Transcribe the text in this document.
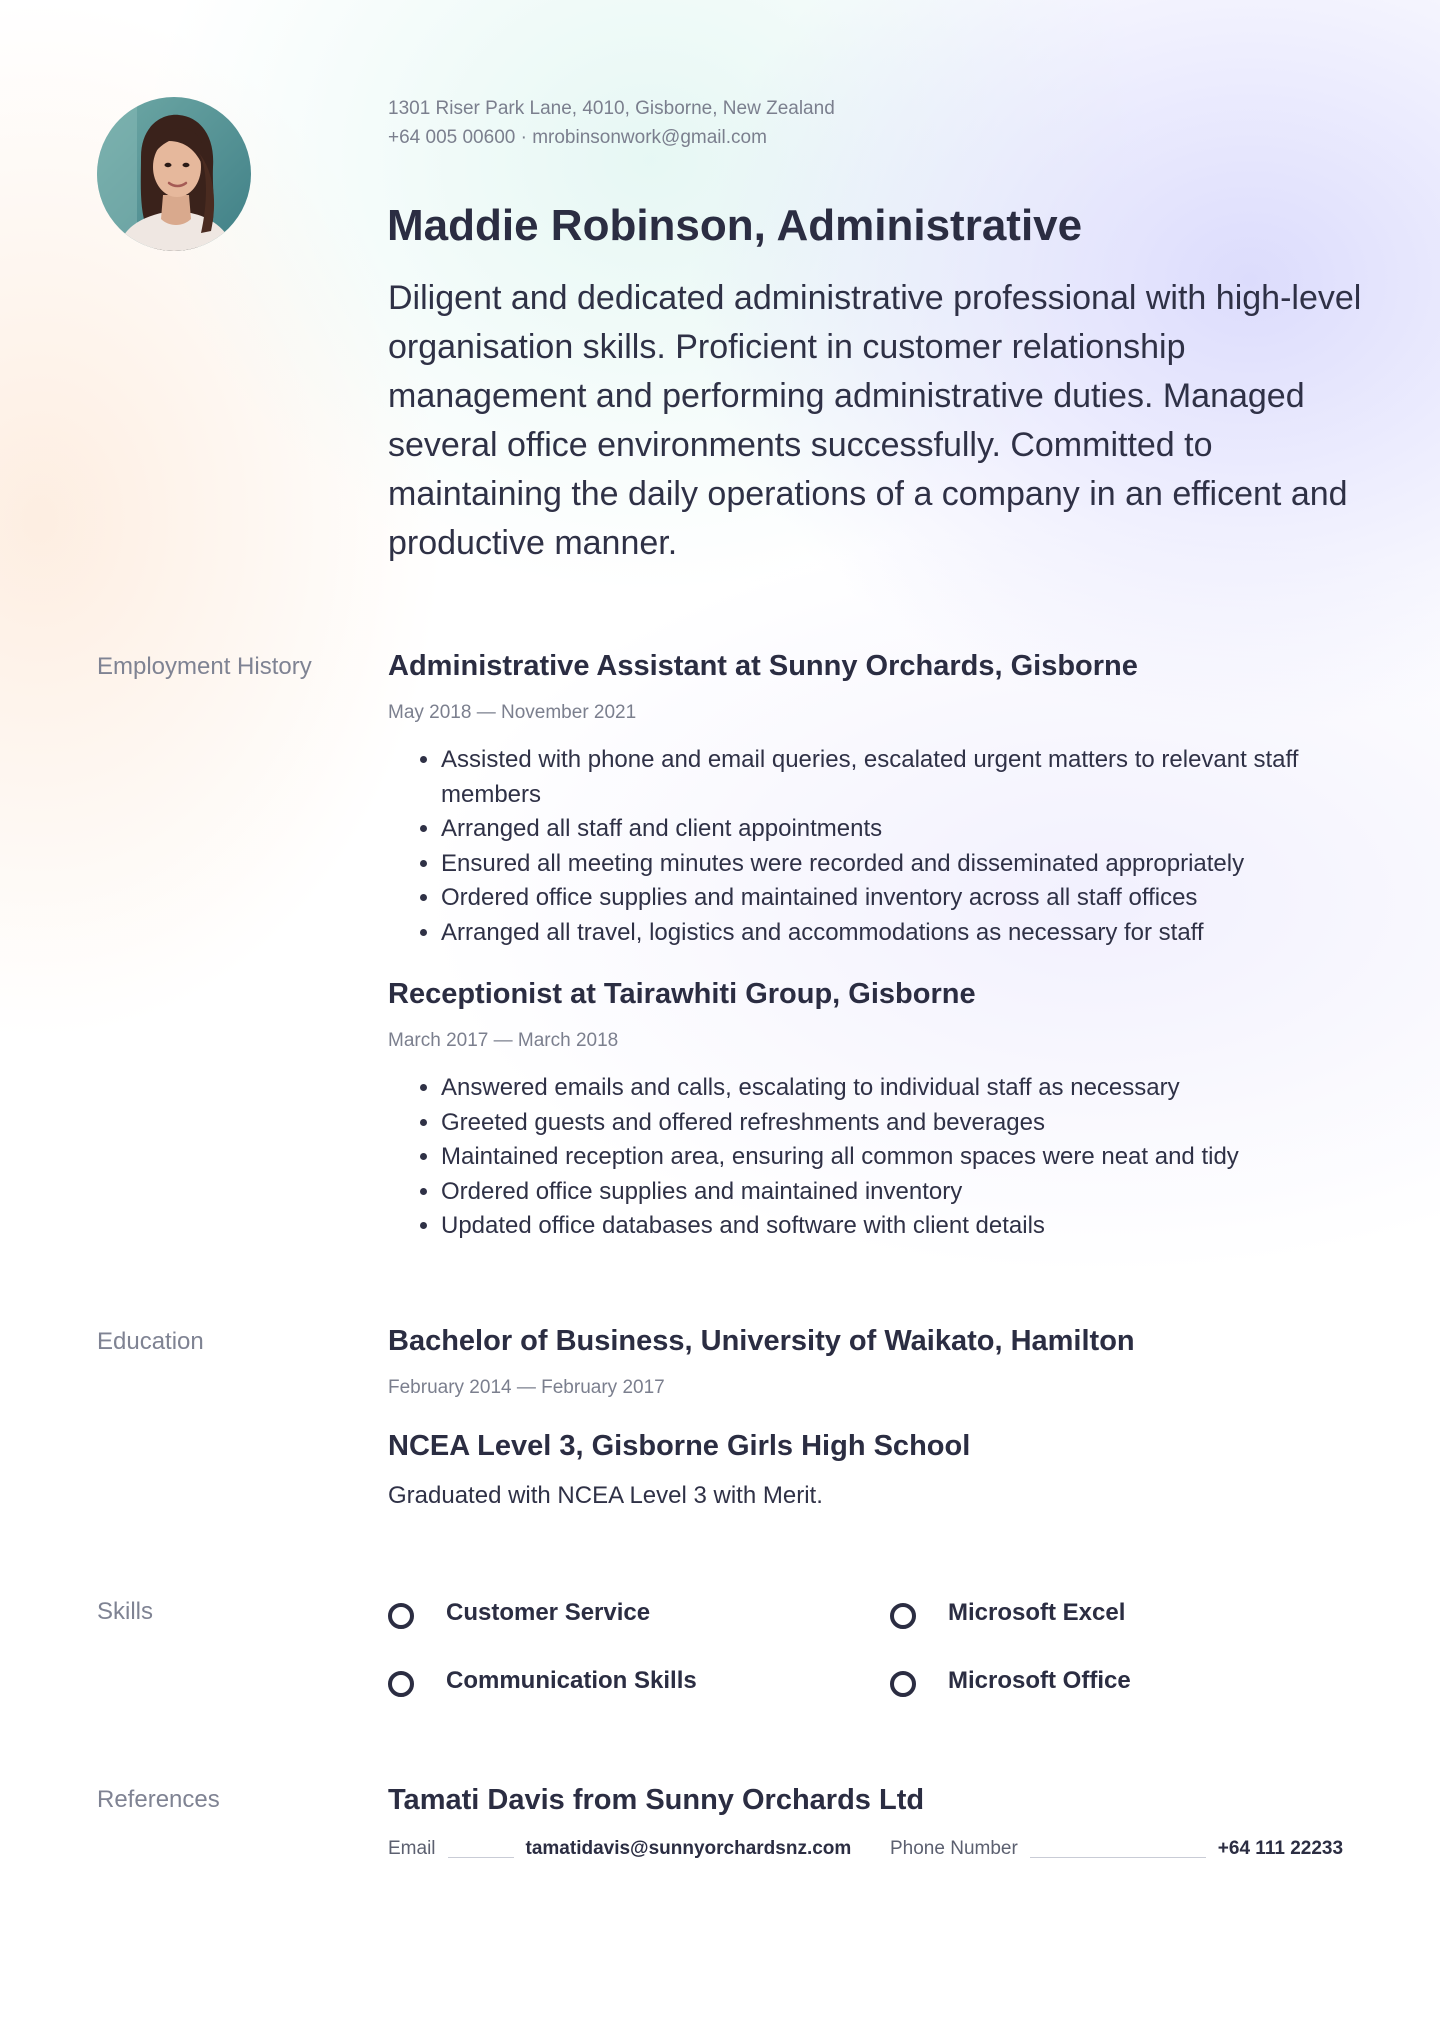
1301 Riser Park Lane, 4010, Gisborne, New Zealand
+64 005 00600 · mrobinsonwork@gmail.com
Maddie Robinson, Administrative

Diligent and dedicated administrative professional with high-level organisation skills. Proficient in customer relationship management and performing administrative duties. Managed several office environments successfully. Committed to maintaining the daily operations of a company in an efficent and productive manner.

Employment History	Administrative Assistant at Sunny Orchards, Gisborne
May 2018 — November 2021
• Assisted with phone and email queries, escalated urgent matters to relevant staff members
• Arranged all staff and client appointments
• Ensured all meeting minutes were recorded and disseminated appropriately
• Ordered office supplies and maintained inventory across all staff offices
• Arranged all travel, logistics and accommodations as necessary for staff
Receptionist at Tairawhiti Group, Gisborne
March 2017 — March 2018
• Answered emails and calls, escalating to individual staff as necessary
• Greeted guests and offered refreshments and beverages
• Maintained reception area, ensuring all common spaces were neat and tidy
• Ordered office supplies and maintained inventory
• Updated office databases and software with client details
Education	Bachelor of Business, University of Waikato, Hamilton
February 2014 — February 2017
NCEA Level 3, Gisborne Girls High School
Graduated with NCEA Level 3 with Merit.
Skills	Customer Service	Microsoft Excel
Communication Skills	Microsoft Office
References	Tamati Davis from Sunny Orchards Ltd
Email	tamatidavis@sunnyorchardsnz.com Phone Number	+64 111 22233
